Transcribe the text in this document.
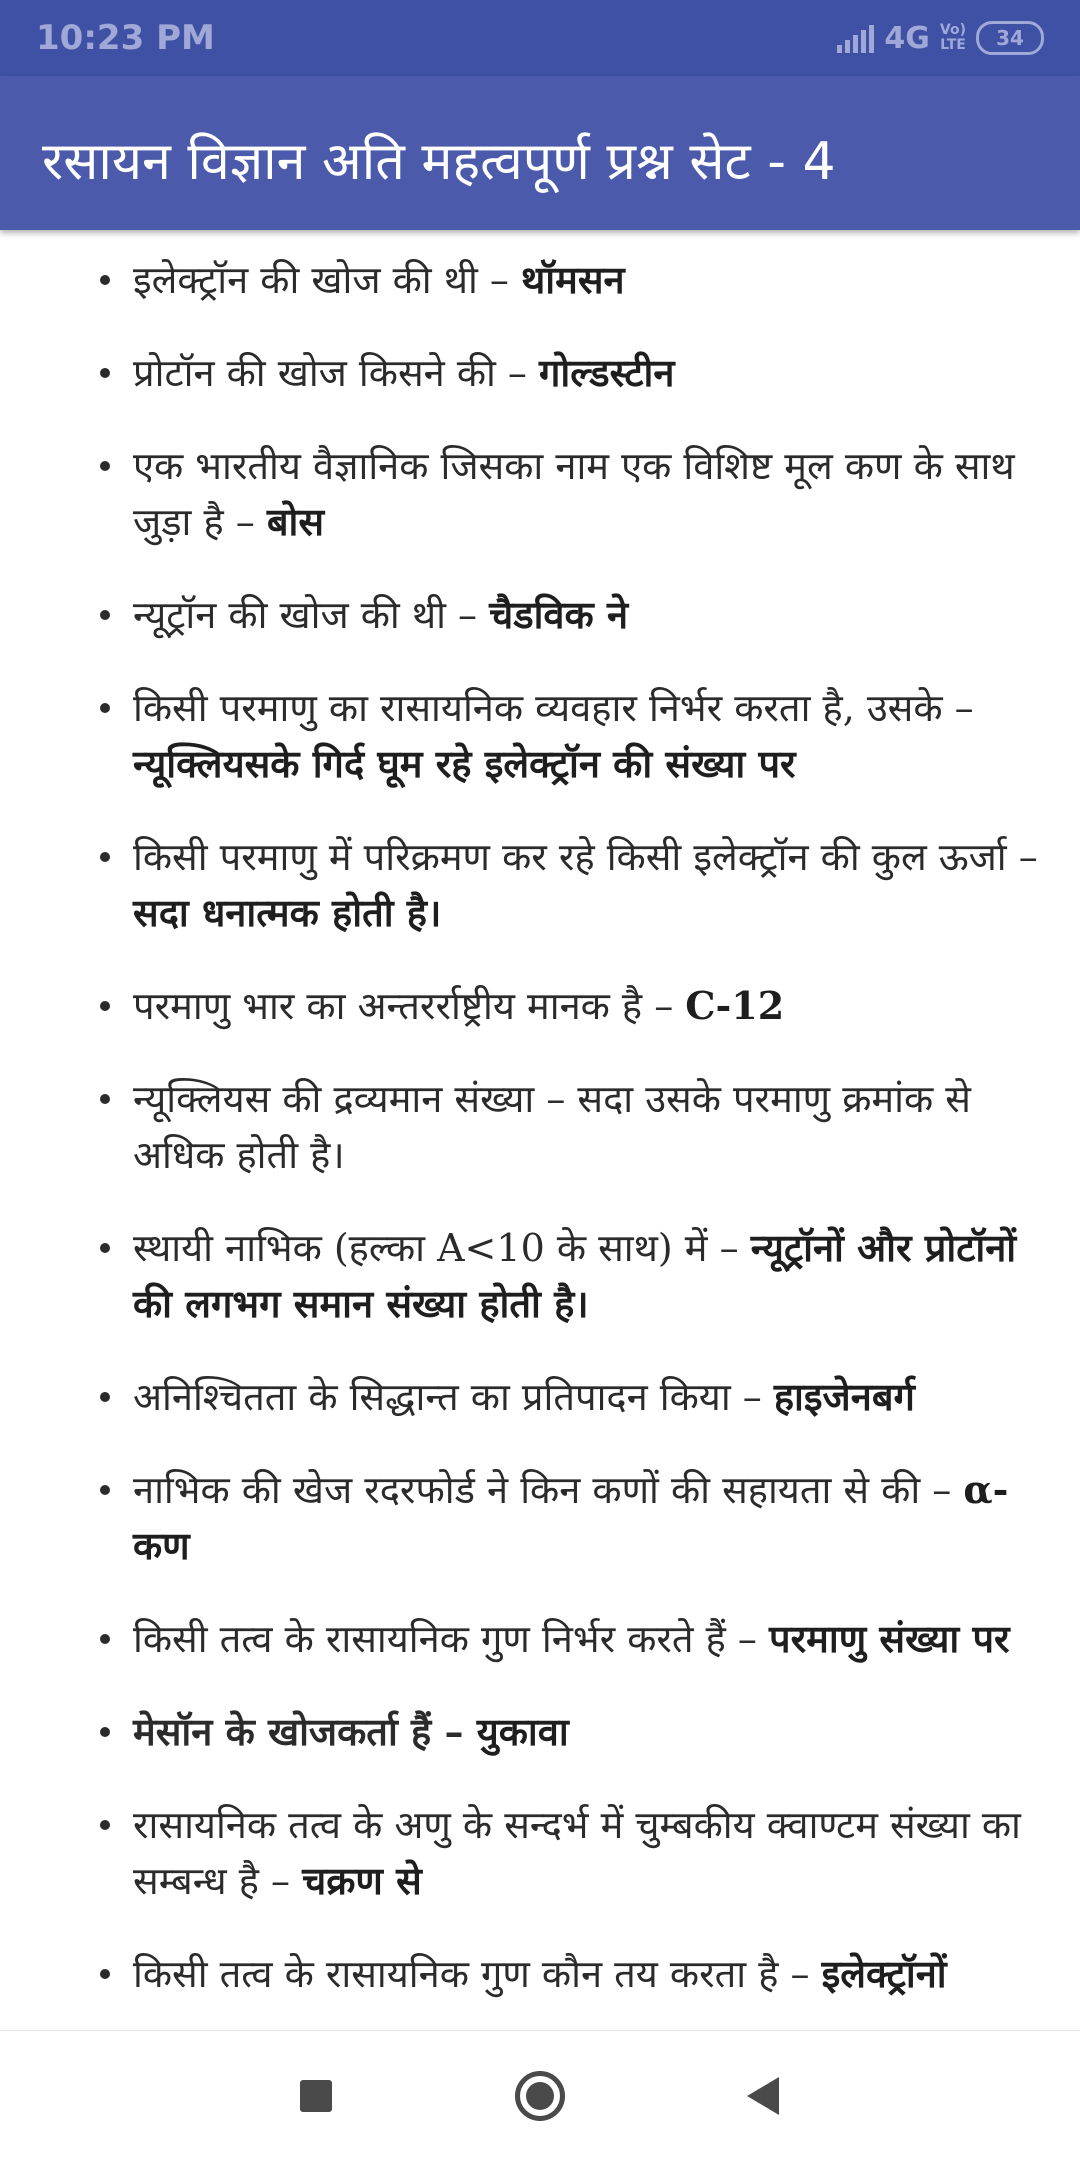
10:23 PM	4G Vo)
LTE 34
रसायन विज्ञान अति महत्वपूर्ण प्रश्न सेट - 4
इलेक्ट्रॉन की खोज की थी – थॉमसन
प्रोटॉन की खोज किसने की – गोल्डस्टीन
एक भारतीय वैज्ञानिक जिसका नाम एक विशिष्ट मूल कण के साथ जुड़ा है – बोस
न्यूट्रॉन की खोज की थी – चैडविक ने
किसी परमाणु का रासायनिक व्यवहार निर्भर करता है, उसके – न्यूक्लियसके गिर्द घूम रहे इलेक्ट्रॉन की संख्या पर
किसी परमाणु में परिक्रमण कर रहे किसी इलेक्ट्रॉन की कुल ऊर्जा – सदा धनात्मक होती है।
परमाणु भार का अन्तरर्राष्ट्रीय मानक है – C-12
न्यूक्लियस की द्रव्यमान संख्या – सदा उसके परमाणु क्रमांक से अधिक होती है।
स्थायी नाभिक (हल्का A<10 के साथ) में – न्यूट्रॉनों और प्रोटॉनों की लगभग समान संख्या होती है।
अनिश्चितता के सिद्धान्त का प्रतिपादन किया – हाइजेनबर्ग
नाभिक की खेज रदरफोर्ड ने किन कणों की सहायता से की – α-कण
किसी तत्व के रासायनिक गुण निर्भर करते हैं – परमाणु संख्या पर
मेसॉन के खोजकर्ता हैं – युकावा
रासायनिक तत्व के अणु के सन्दर्भ में चुम्बकीय क्वाण्टम संख्या का सम्बन्ध है – चक्रण से
किसी तत्व के रासायनिक गुण कौन तय करता है – इलेक्ट्रॉनों
